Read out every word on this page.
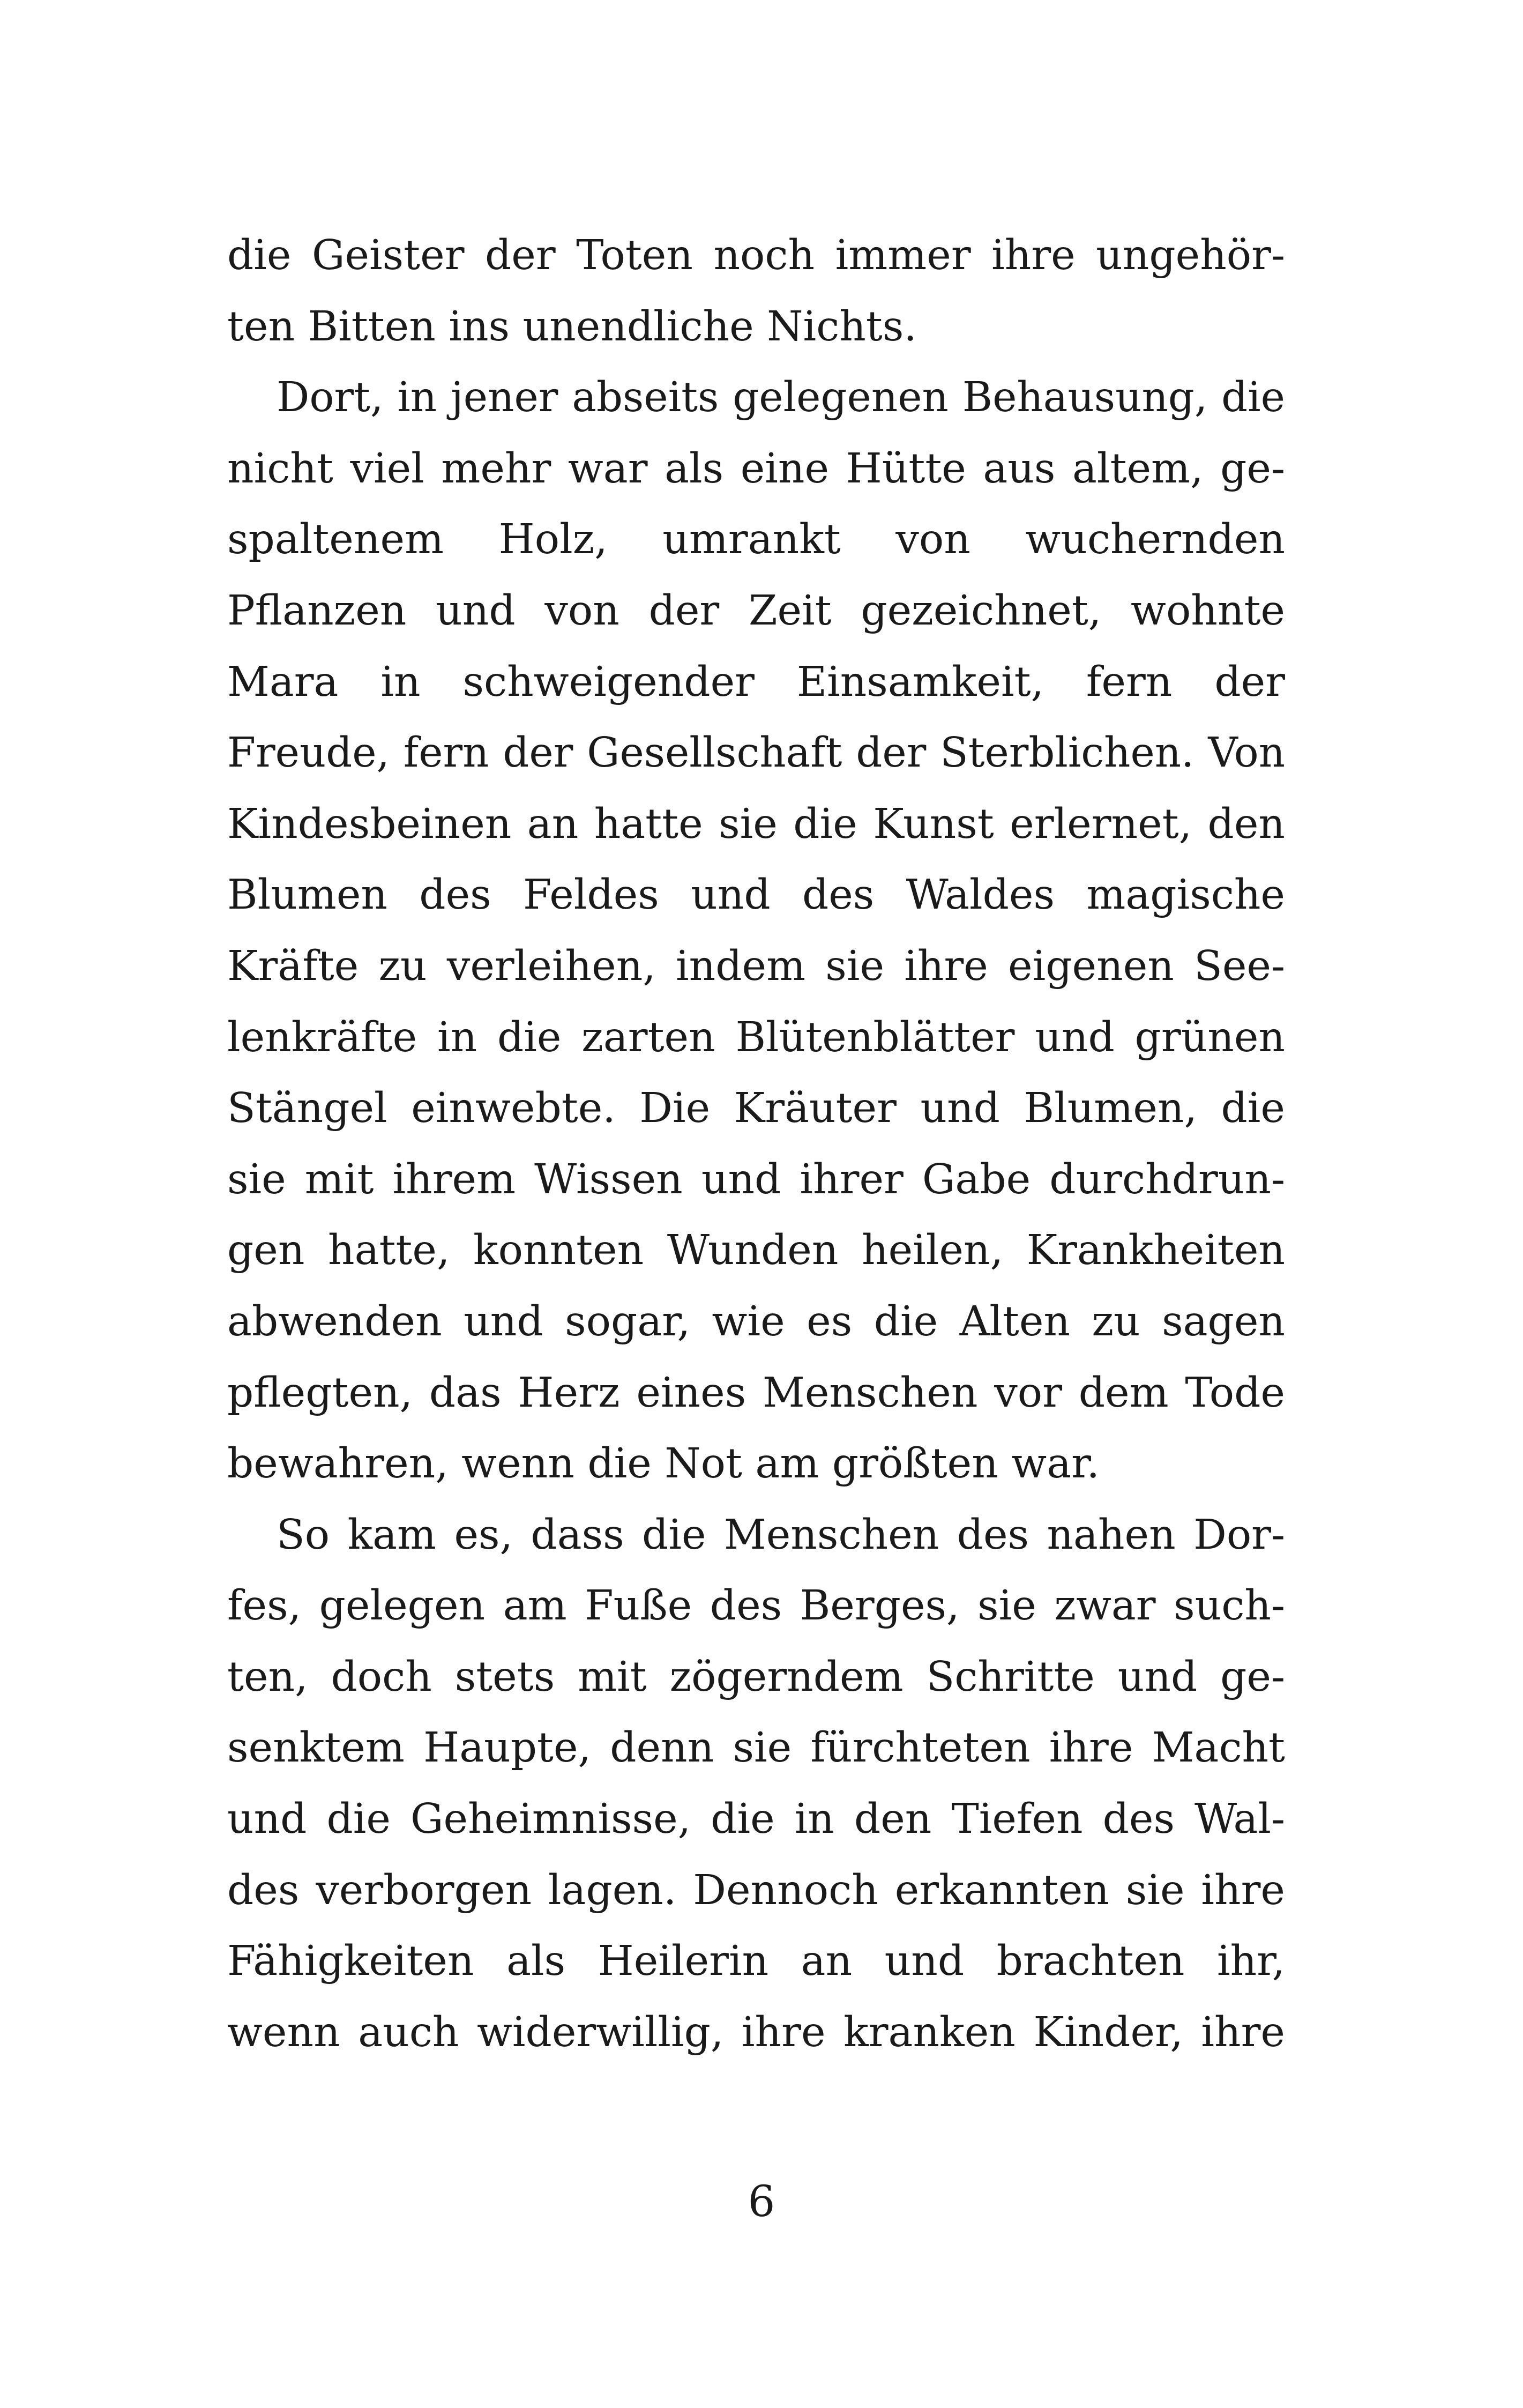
die Geister der Toten noch immer ihre ungehör-
ten Bitten ins unendliche Nichts.
Dort, in jener abseits gelegenen Behausung, die
nicht viel mehr war als eine Hütte aus altem, ge-
spaltenem Holz, umrankt von wuchernden
Pflanzen und von der Zeit gezeichnet, wohnte
Mara in schweigender Einsamkeit, fern der
Freude, fern der Gesellschaft der Sterblichen. Von
Kindesbeinen an hatte sie die Kunst erlernet, den
Blumen des Feldes und des Waldes magische
Kräfte zu verleihen, indem sie ihre eigenen See-
lenkräfte in die zarten Blütenblätter und grünen
Stängel einwebte. Die Kräuter und Blumen, die
sie mit ihrem Wissen und ihrer Gabe durchdrun-
gen hatte, konnten Wunden heilen, Krankheiten
abwenden und sogar, wie es die Alten zu sagen
pflegten, das Herz eines Menschen vor dem Tode
bewahren, wenn die Not am größten war.
So kam es, dass die Menschen des nahen Dor-
fes, gelegen am Fuße des Berges, sie zwar such-
ten, doch stets mit zögerndem Schritte und ge-
senktem Haupte, denn sie fürchteten ihre Macht
und die Geheimnisse, die in den Tiefen des Wal-
des verborgen lagen. Dennoch erkannten sie ihre
Fähigkeiten als Heilerin an und brachten ihr,
wenn auch widerwillig, ihre kranken Kinder, ihre
6
